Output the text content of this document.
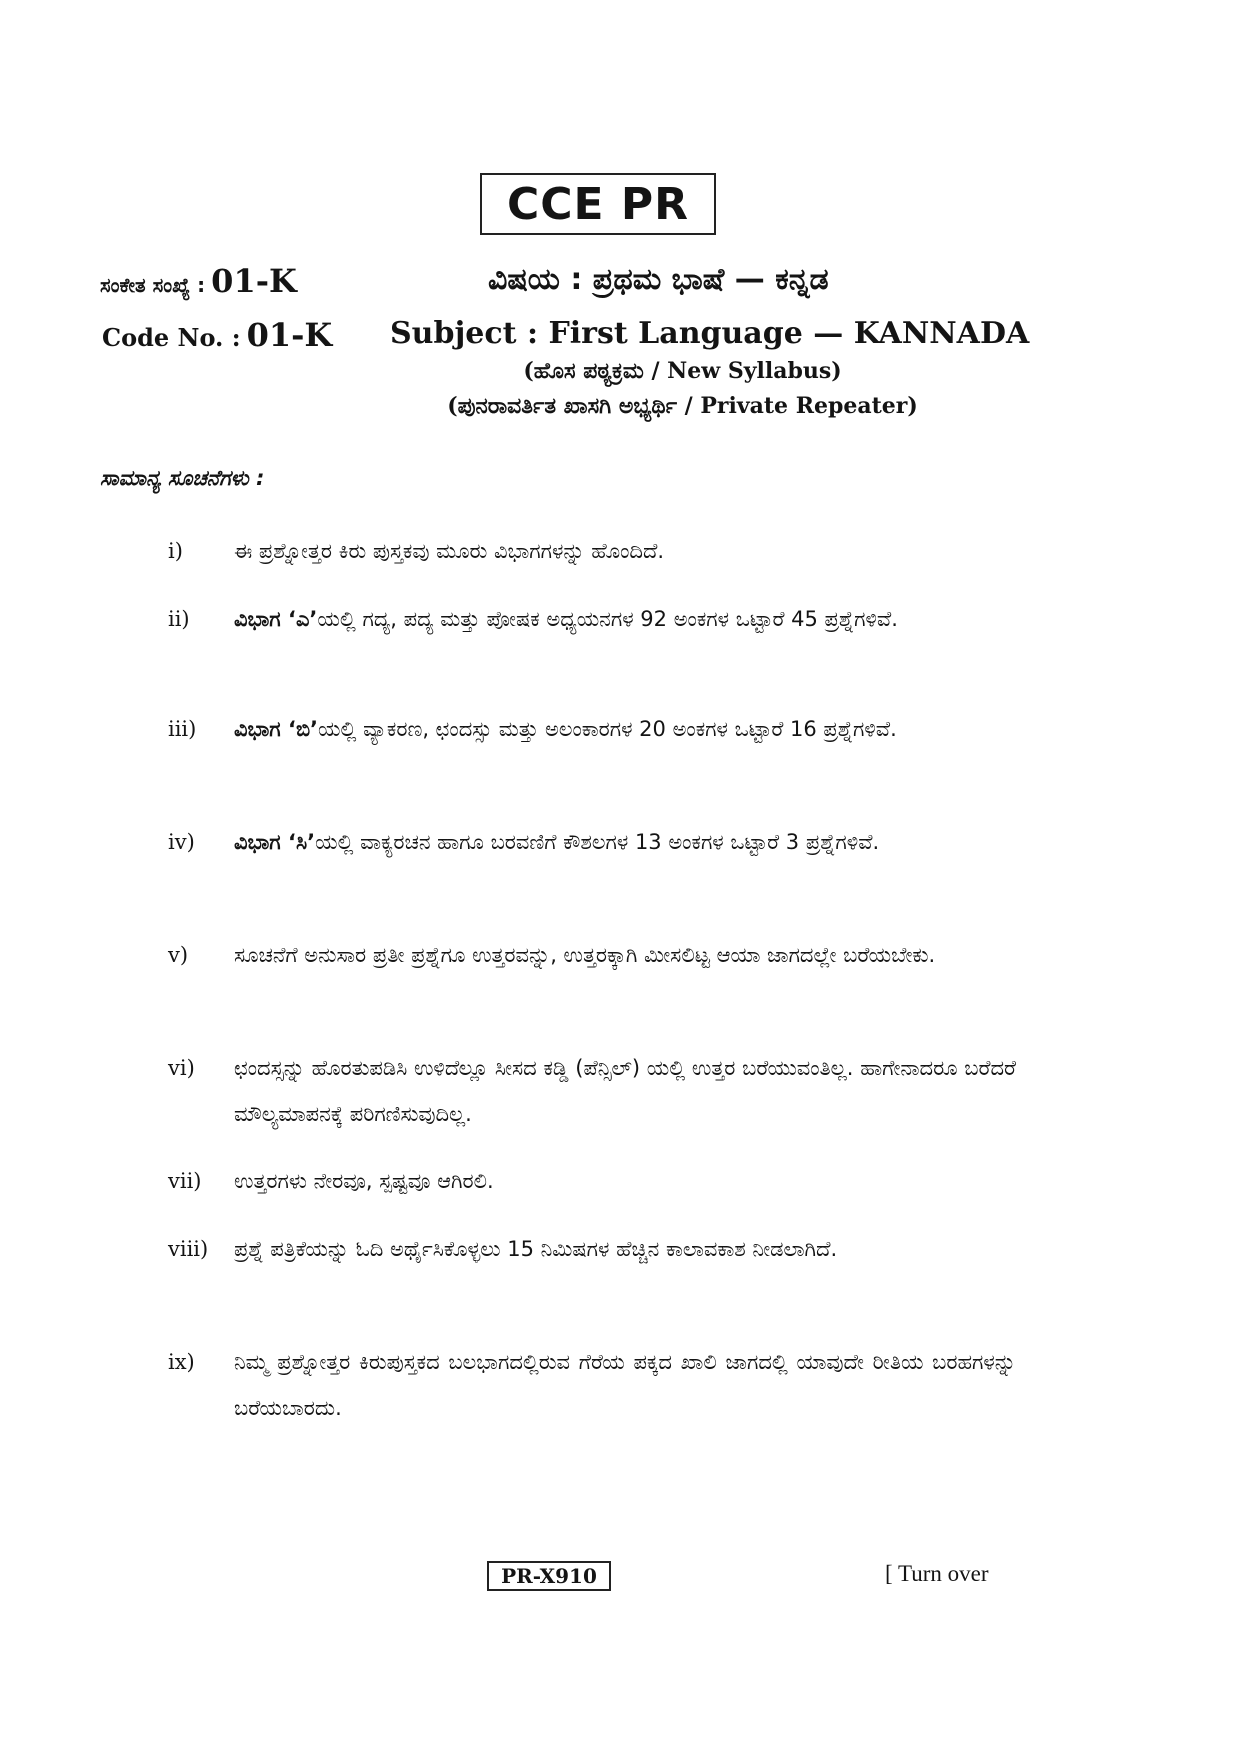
CCE PR
ಸಂಕೇತ ಸಂಖ್ಯೆ : 01-K	ವಿಷಯ : ಪ್ರಥಮ ಭಾಷೆ — ಕನ್ನಡ
Code No. : 01-K Subject : First Language — KANNADA
(ಹೊಸ ಪಠ್ಯಕ್ರಮ / New Syllabus)
(ಪುನರಾವರ್ತಿತ ಖಾಸಗಿ ಅಭ್ಯರ್ಥಿ / Private Repeater)
ಸಾಮಾನ್ಯ ಸೂಚನೆಗಳು :
i) ಈ ಪ್ರಶ್ನೋತ್ತರ ಕಿರು ಪುಸ್ತಕವು ಮೂರು ವಿಭಾಗಗಳನ್ನು ಹೊಂದಿದೆ.
ii) ವಿಭಾಗ ‘ಎ’ಯಲ್ಲಿ ಗದ್ಯ, ಪದ್ಯ ಮತ್ತು ಪೋಷಕ ಅಧ್ಯಯನಗಳ 92 ಅಂಕಗಳ ಒಟ್ಟಾರೆ 45 ಪ್ರಶ್ನೆಗಳಿವೆ.
iii) ವಿಭಾಗ ‘ಬಿ’ಯಲ್ಲಿ ವ್ಯಾಕರಣ, ಛಂದಸ್ಸು ಮತ್ತು ಅಲಂಕಾರಗಳ 20 ಅಂಕಗಳ ಒಟ್ಟಾರೆ 16 ಪ್ರಶ್ನೆಗಳಿವೆ.
iv) ವಿಭಾಗ ‘ಸಿ’ಯಲ್ಲಿ ವಾಕ್ಯರಚನ ಹಾಗೂ ಬರವಣಿಗೆ ಕೌಶಲಗಳ 13 ಅಂಕಗಳ ಒಟ್ಟಾರೆ 3 ಪ್ರಶ್ನೆಗಳಿವೆ.
v) ಸೂಚನೆಗೆ ಅನುಸಾರ ಪ್ರತೀ ಪ್ರಶ್ನೆಗೂ ಉತ್ತರವನ್ನು, ಉತ್ತರಕ್ಕಾಗಿ ಮೀಸಲಿಟ್ಟ ಆಯಾ ಜಾಗದಲ್ಲೇ ಬರೆಯಬೇಕು.
vi) ಛಂದಸ್ಸನ್ನು ಹೊರತುಪಡಿಸಿ ಉಳಿದೆಲ್ಲೂ ಸೀಸದ ಕಡ್ಡಿ (ಪೆನ್ಸಿಲ್) ಯಲ್ಲಿ ಉತ್ತರ ಬರೆಯುವಂತಿಲ್ಲ. ಹಾಗೇನಾದರೂ ಬರೆದರೆ ಮೌಲ್ಯಮಾಪನಕ್ಕೆ ಪರಿಗಣಿಸುವುದಿಲ್ಲ.
vii) ಉತ್ತರಗಳು ನೇರವೂ, ಸ್ಪಷ್ಟವೂ ಆಗಿರಲಿ.
viii) ಪ್ರಶ್ನೆ ಪತ್ರಿಕೆಯನ್ನು ಓದಿ ಅರ್ಥೈಸಿಕೊಳ್ಳಲು 15 ನಿಮಿಷಗಳ ಹೆಚ್ಚಿನ ಕಾಲಾವಕಾಶ ನೀಡಲಾಗಿದೆ.
ix) ನಿಮ್ಮ ಪ್ರಶ್ನೋತ್ತರ ಕಿರುಪುಸ್ತಕದ ಬಲಭಾಗದಲ್ಲಿರುವ ಗೆರೆಯ ಪಕ್ಕದ ಖಾಲಿ ಜಾಗದಲ್ಲಿ ಯಾವುದೇ ರೀತಿಯ ಬರಹಗಳನ್ನು ಬರೆಯಬಾರದು.
PR-X910	[ Turn over
